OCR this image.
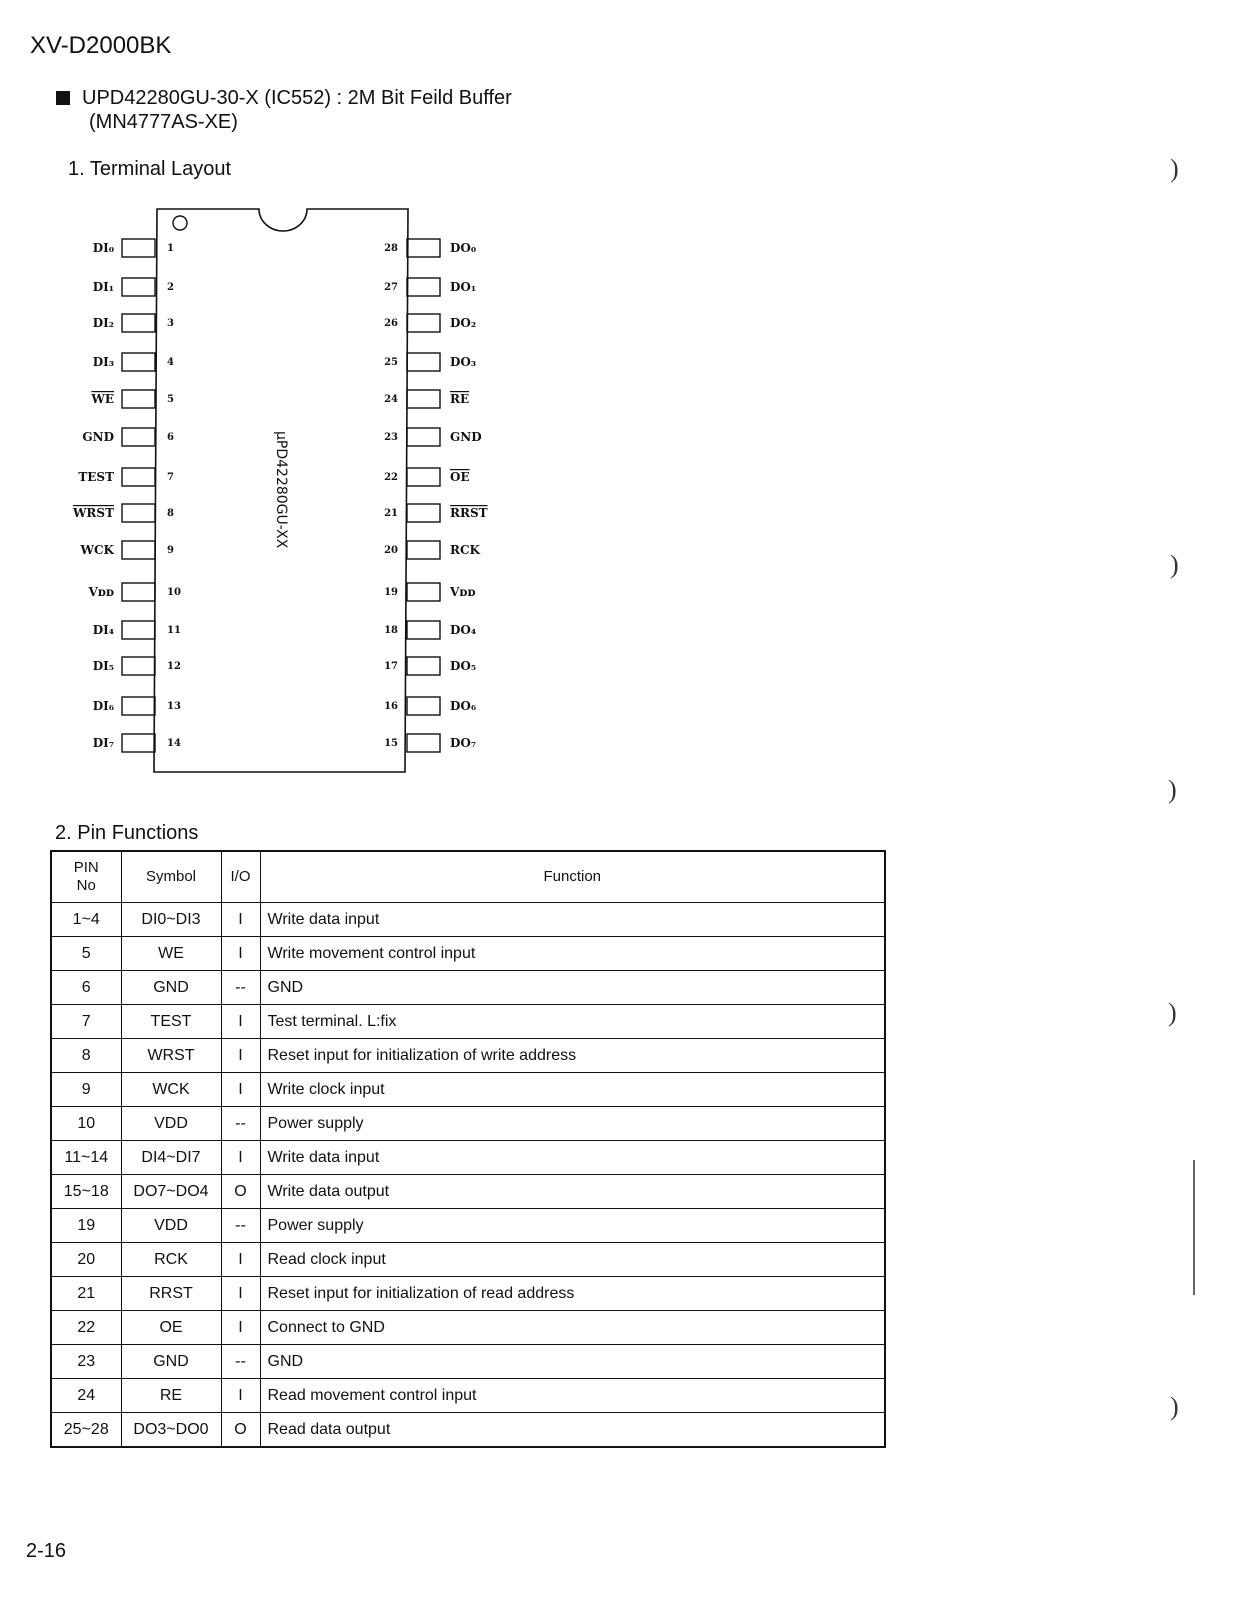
XV-D2000BK
UPD42280GU-30-X (IC552) : 2M Bit Feild Buffer
(MN4777AS-XE)
1. Terminal Layout
μPD42280GU-XX
DI₀	1
DI₁	2
DI₂	3
DI₃	4
WE	5
GND	6
TEST	7
WRST	8
WCK	9
Vᴅᴅ	10
DI₄	11
DI₅	12
DI₆	13
DI₇	14
DO₀
28
DO₁
27
DO₂
26
DO₃
25
RE
24
GND
23
OE
22
RRST
21
RCK
20
Vᴅᴅ
19
DO₄
18
DO₅
17
DO₆
16
DO₇
15
)
)
)
)
)
2. Pin Functions
PIN
No	Symbol	I/O	Function
1~4	DI0~DI3	I	Write data input
5	WE	I	Write movement control input
6	GND	--	GND
7	TEST	I	Test terminal. L:fix
8	WRST	I	Reset input for initialization of write address
9	WCK	I	Write clock input
10	VDD	--	Power supply
11~14	DI4~DI7	I	Write data input
15~18	DO7~DO4	O	Write data output
19	VDD	--	Power supply
20	RCK	I	Read clock input
21	RRST	I	Reset input for initialization of read address
22	OE	I	Connect to GND
23	GND	--	GND
24	RE	I	Read movement control input
25~28	DO3~DO0	O	Read data output
2-16
